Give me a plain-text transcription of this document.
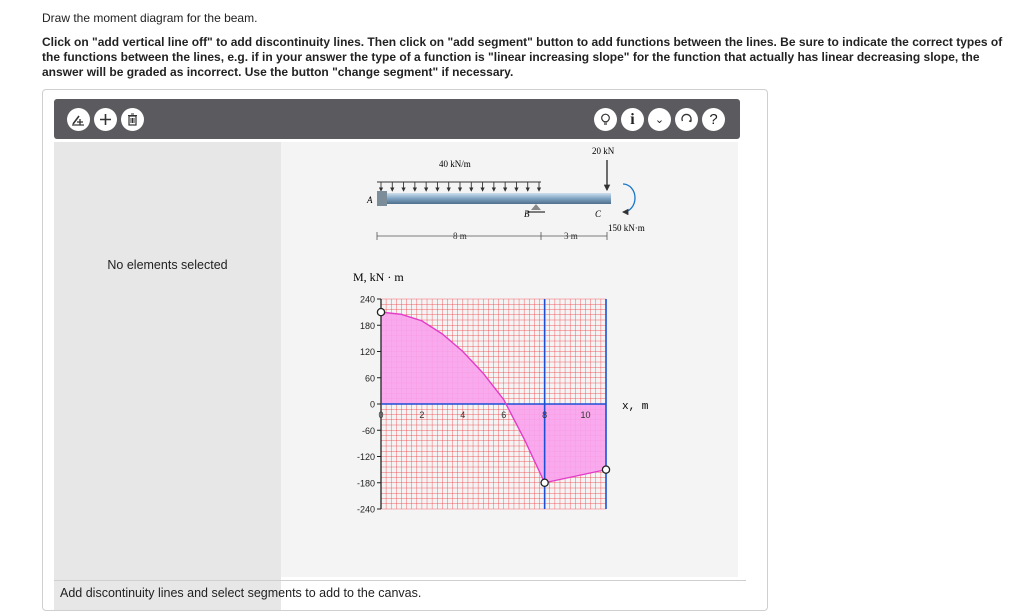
Draw the moment diagram for the beam.
Click on "add vertical line off" to add discontinuity lines. Then click on "add segment" button to add functions between the lines. Be sure to indicate the correct types of the functions between the lines, e.g. if in your answer the type of a function is "linear increasing slope" for the function that actually has linear decreasing slope, the answer will be graded as incorrect. Use the button "change segment" if necessary.
i ⌄	?
No elements selected
40 kN/m
A
B	C
20 kN
150 kN·m
8 m	3 m
240
180
120
60
0
-60
-120
-180
-240
0	2	4	6	8	10
M, kN · m
x, m
Add discontinuity lines and select segments to add to the canvas.
